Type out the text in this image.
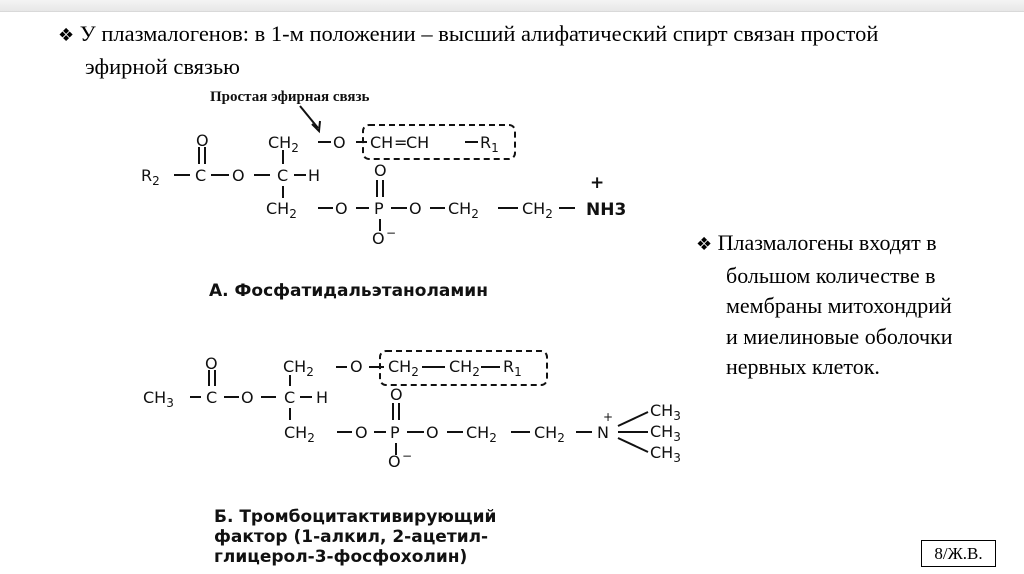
❖ У плазмалогенов: в 1-м положении – высший алифатический спирт связан простой
эфирной связью
Простая эфирная связь
А. Фосфатидальэтаноламин
Б. Тромбоцитактивирующий
фактор (1-алкил, 2-ацетил-
глицерол-3-фосфохолин)
+
NH3
O
$R_2$ C O C H
$CH_2$ O CH =
CH	$R_1$
$CH_2$ O
O
P O $CH_2$	$CH_2$
O −
O
$CH_3$ C O C H
$CH_2$ O $CH_2$ $CH_2$ $R_1$
$CH_2$	O
O
P O $CH_2$ $CH_2$ N
+ $CH_3$
$CH_3$
$CH_3$
O −
❖ Плазмалогены входят в
большом количестве в
мембраны митохондрий
и миелиновые оболочки
нервных клеток.
8/Ж.В.
